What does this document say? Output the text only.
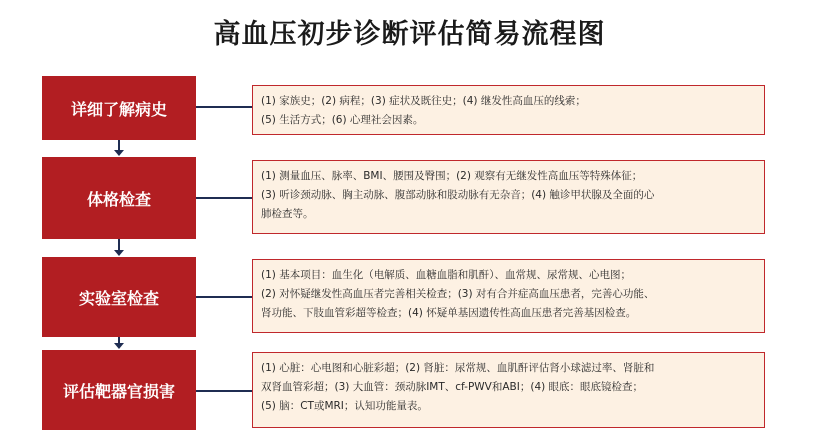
高血压初步诊断评估简易流程图
详细了解病史	(1) 家族史；(2) 病程；(3) 症状及既往史；(4) 继发性高血压的线索；
(5) 生活方式；(6) 心理社会因素。
体格检查
(1) 测量血压、脉率、BMI、腰围及臀围；(2) 观察有无继发性高血压等特殊体征；
(3) 听诊颈动脉、胸主动脉、腹部动脉和股动脉有无杂音；(4) 触诊甲状腺及全面的心
肺检查等。
实验室检查
(1) 基本项目：血生化（电解质、血糖血脂和肌酐）、血常规、尿常规、心电图；
(2) 对怀疑继发性高血压者完善相关检查；(3) 对有合并症高血压患者，完善心功能、
肾功能、下肢血管彩超等检查；(4) 怀疑单基因遗传性高血压患者完善基因检查。
评估靶器官损害
(1) 心脏：心电图和心脏彩超；(2) 肾脏：尿常规、血肌酐评估肾小球滤过率、肾脏和
双肾血管彩超；(3) 大血管：颈动脉IMT、cf-PWV和ABI；(4) 眼底：眼底镜检查；
(5) 脑：CT或MRI；认知功能量表。
